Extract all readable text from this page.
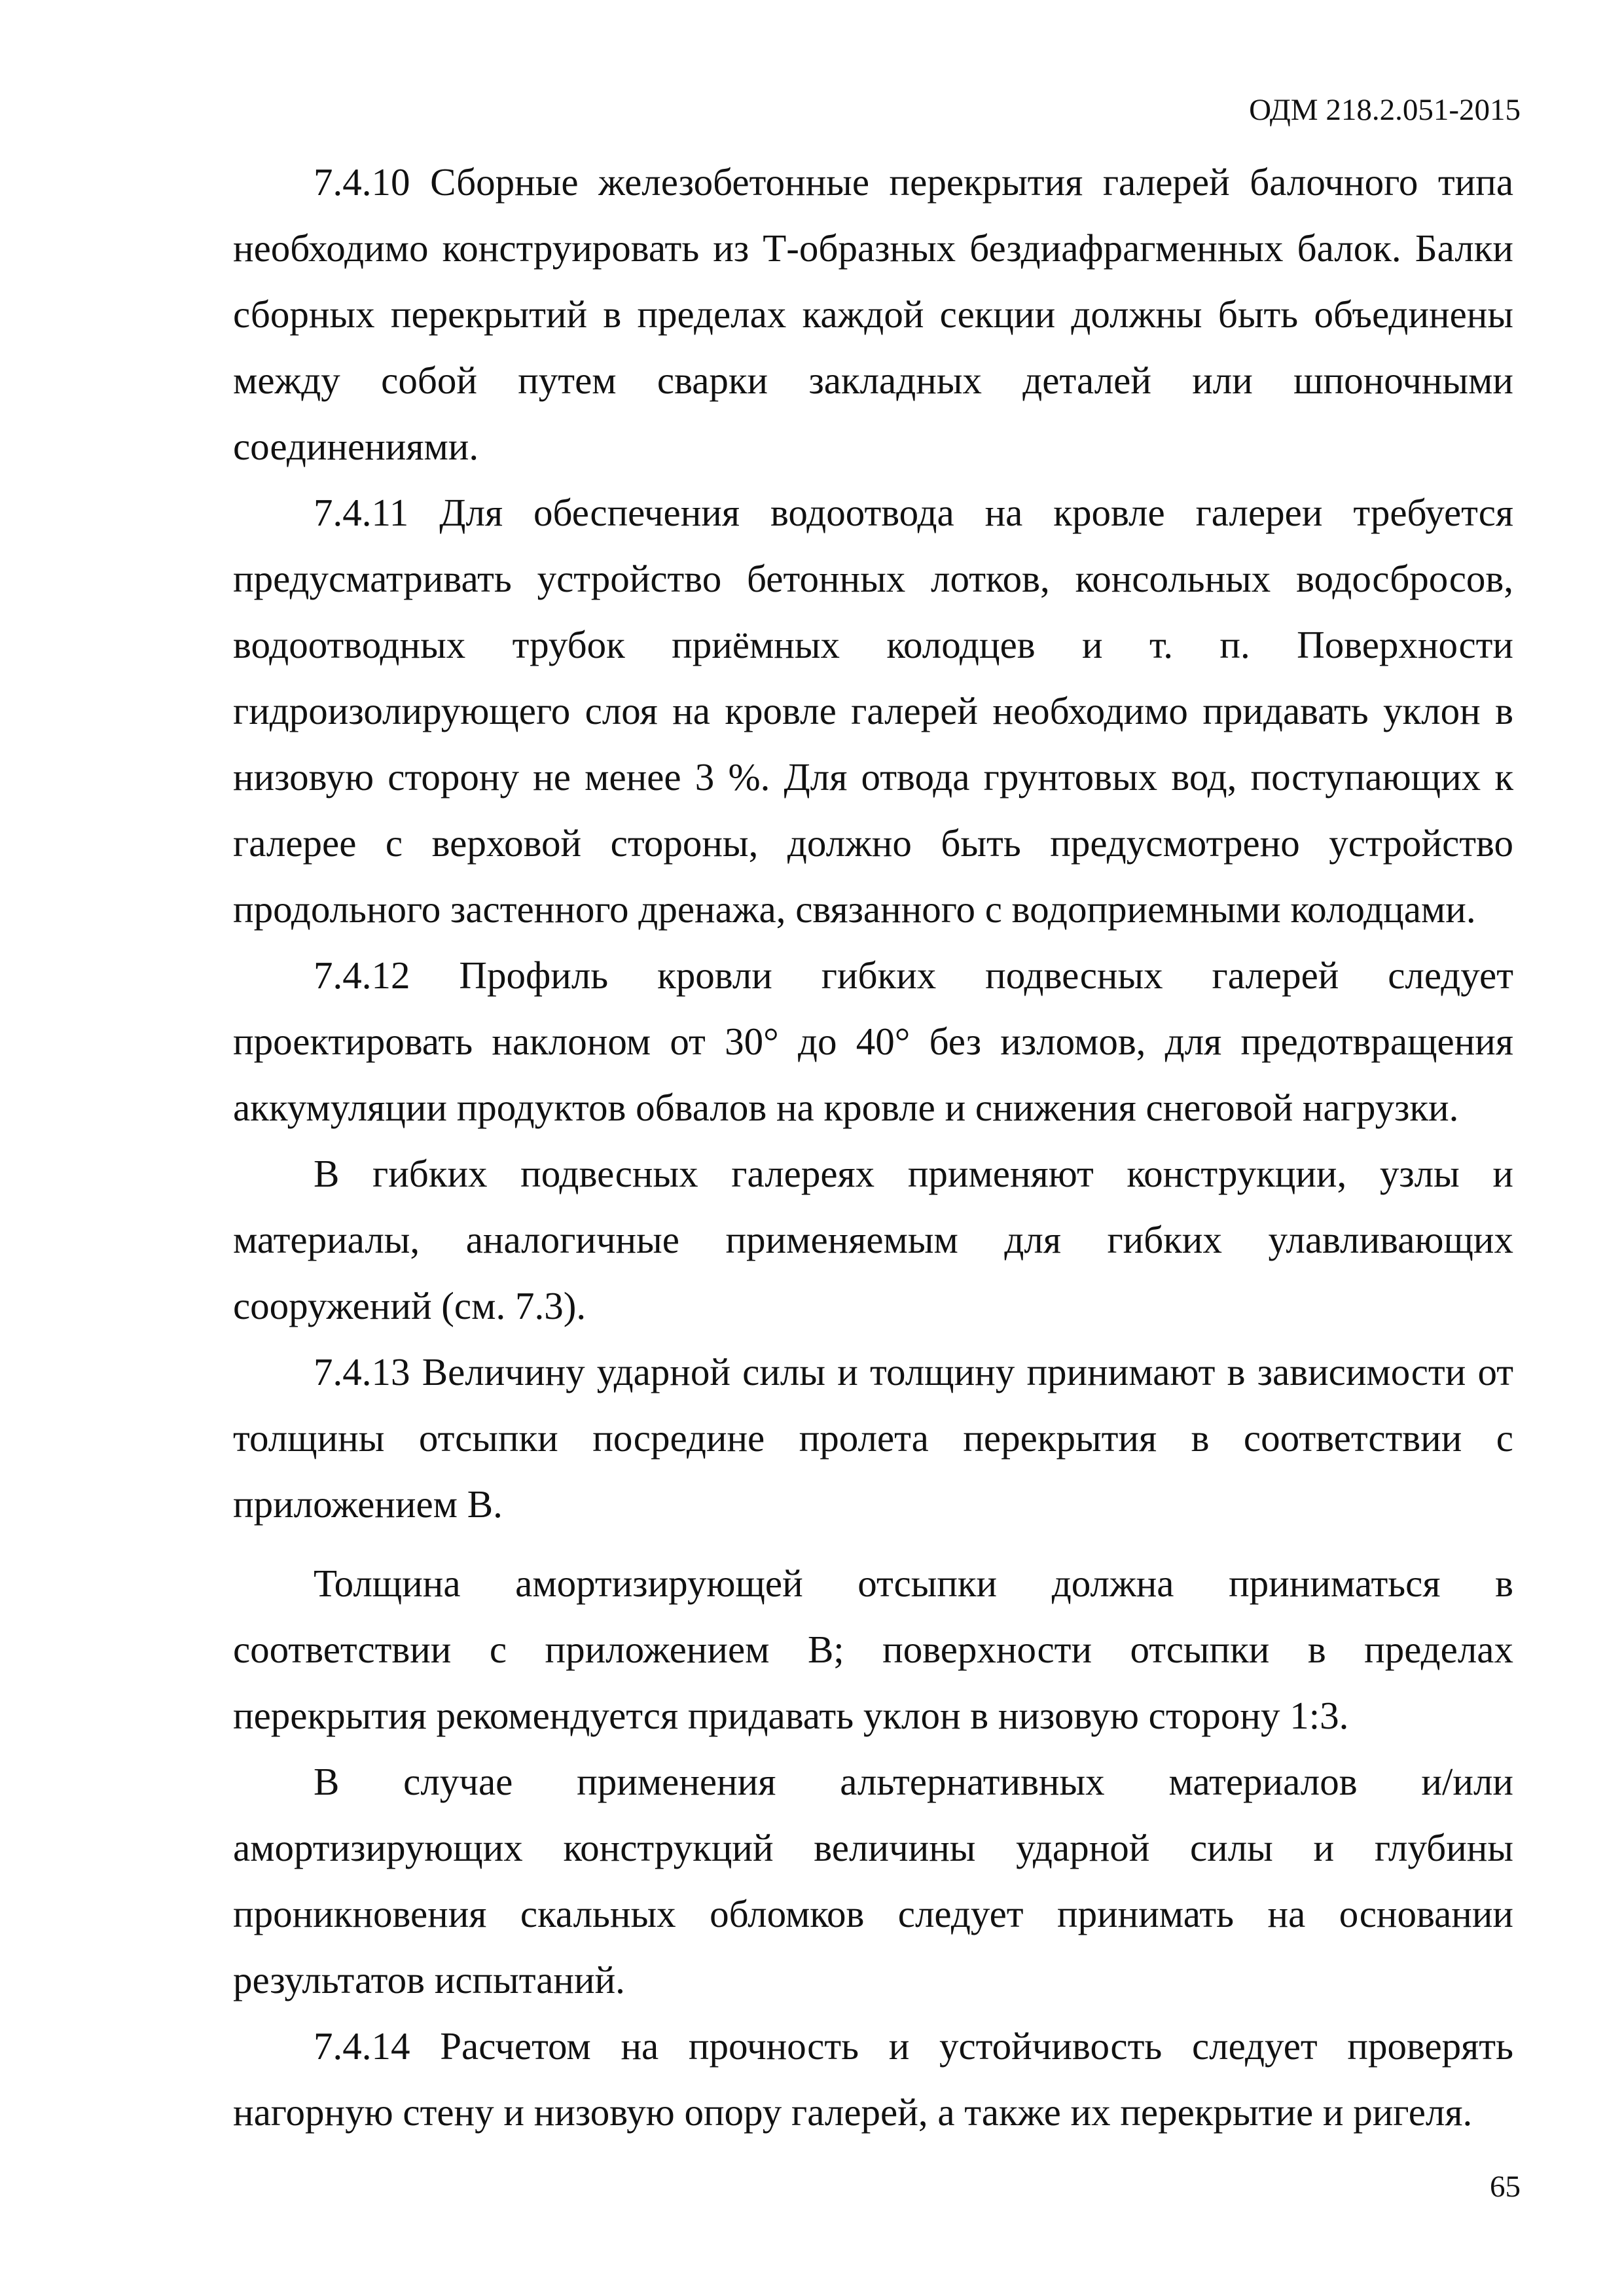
ОДМ 218.2.051-2015

7.4.10 Сборные железобетонные перекрытия галерей балочного типа необходимо конструировать из Т-образных бездиафрагменных балок. Балки сборных перекрытий в пределах каждой секции должны быть объединены между собой путем сварки закладных деталей или шпоночными соединениями.

7.4.11 Для обеспечения водоотвода на кровле галереи требуется предусматривать устройство бетонных лотков, консольных водосбросов, водоотводных трубок приёмных колодцев и т. п. Поверхности гидроизолирующего слоя на кровле галерей необходимо придавать уклон в низовую сторону не менее 3 %. Для отвода грунтовых вод, поступающих к галерее с верховой стороны, должно быть предусмотрено устройство продольного застенного дренажа, связанного с водоприемными колодцами.

7.4.12 Профиль кровли гибких подвесных галерей следует проектировать наклоном от 30° до 40° без изломов, для предотвращения аккумуляции продуктов обвалов на кровле и снижения снеговой нагрузки.

В гибких подвесных галереях применяют конструкции, узлы и материалы, аналогичные применяемым для гибких улавливающих сооружений (см. 7.3).

7.4.13 Величину ударной силы и толщину принимают в зависимости от толщины отсыпки посредине пролета перекрытия в соответствии с приложением В.

Толщина амортизирующей отсыпки должна приниматься в соответствии с приложением В; поверхности отсыпки в пределах перекрытия рекомендуется придавать уклон в низовую сторону 1:3.

В случае применения альтернативных материалов и/или амортизирующих конструкций величины ударной силы и глубины проникновения скальных обломков следует принимать на основании результатов испытаний.

7.4.14 Расчетом на прочность и устойчивость следует проверять нагорную стену и низовую опору галерей, а также их перекрытие и ригеля.

65
